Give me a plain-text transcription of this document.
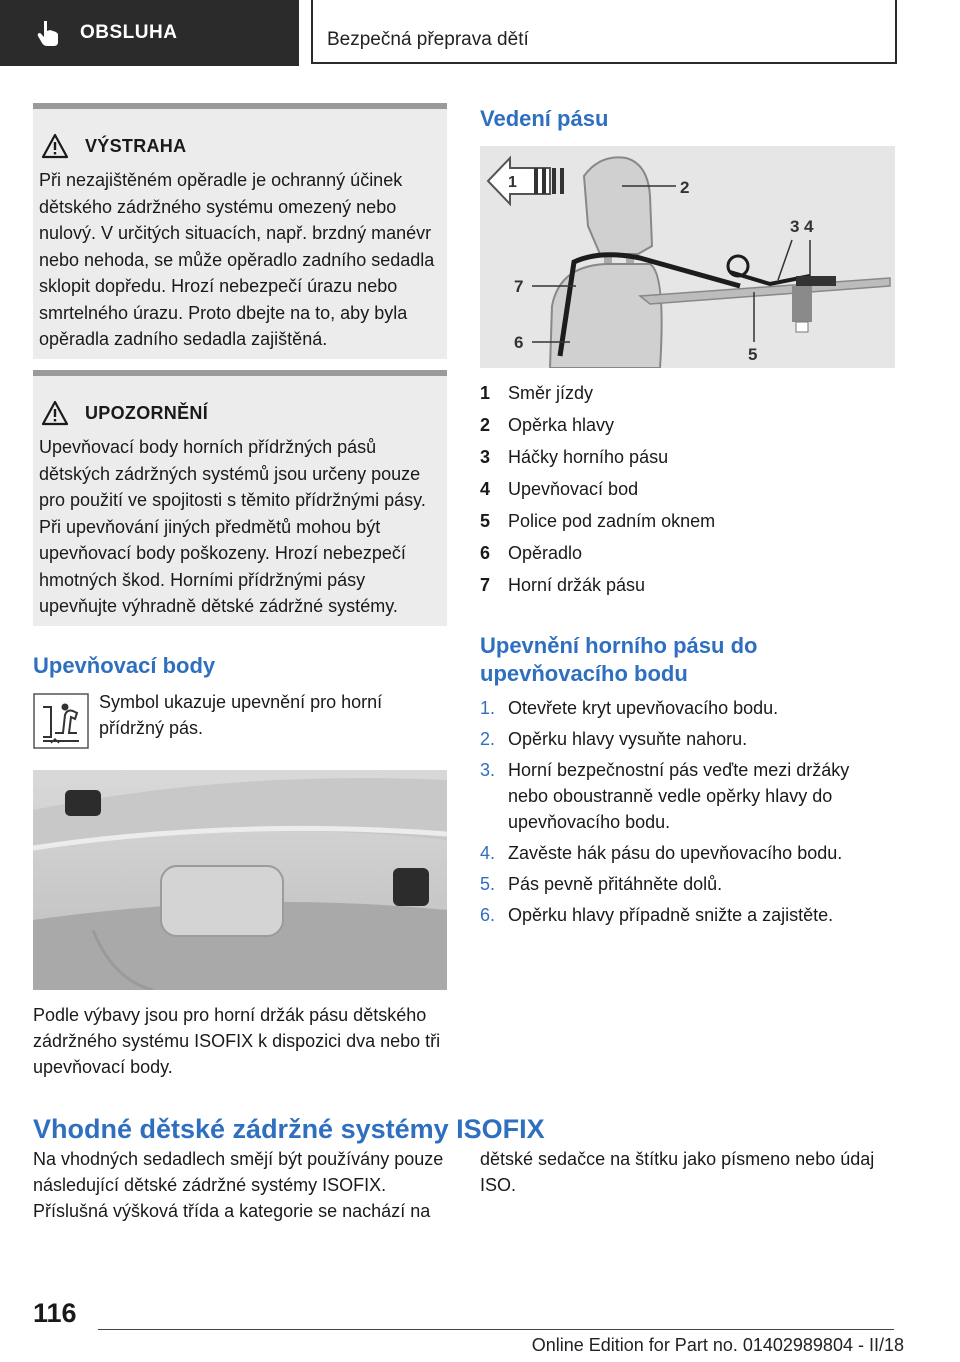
OBSLUHA	Bezpečná přeprava dětí
VÝSTRAHA

Při nezajištěném opěradle je ochranný účinek dětského zádržného systému omezený nebo nulový. V určitých situacích, např. brzdný manévr nebo nehoda, se může opěradlo zadního sedadla sklopit dopředu. Hrozí nebezpečí úrazu nebo smrtelného úrazu. Proto dbejte na to, aby byla opěradla zadního sedadla zajištěná.

UPOZORNĚNÍ

Upevňovací body horních přídržných pásů dětských zádržných systémů jsou určeny pouze pro použití ve spojitosti s těmito přídržnými pásy. Při upevňování jiných předmětů mohou být upevňovací body poškozeny. Hrozí nebezpečí hmotných škod. Horními přídržnými pásy upevňujte výhradně dětské zádržné systémy.

Upevňovací body

Symbol ukazuje upevnění pro horní přídržný pás.

Podle výbavy jsou pro horní držák pásu dětského zádržného systému ISOFIX k dispozici dva nebo tři upevňovací body.

Vedení pásu
1	2
3 4
5
6
7
1 Směr jízdy
2 Opěrka hlavy
3 Háčky horního pásu
4 Upevňovací bod
5 Police pod zadním oknem
6 Opěradlo
7 Horní držák pásu
Upevnění horního pásu do upevňovacího bodu
1. Otevřete kryt upevňovacího bodu.
2. Opěrku hlavy vysuňte nahoru.
3. Horní bezpečnostní pás veďte mezi držáky nebo oboustranně vedle opěrky hlavy do upevňovacího bodu.
4. Zavěste hák pásu do upevňovacího bodu.
5. Pás pevně přitáhněte dolů.
6. Opěrku hlavy případně snižte a zajistěte.
Vhodné dětské zádržné systémy ISOFIX

Na vhodných sedadlech smějí být používány pouze následující dětské zádržné systémy ISOFIX. Příslušná výšková třída a kategorie se nachází na

dětské sedačce na štítku jako písmeno nebo údaj ISO.

116
Online Edition for Part no. 01402989804 - II/18
